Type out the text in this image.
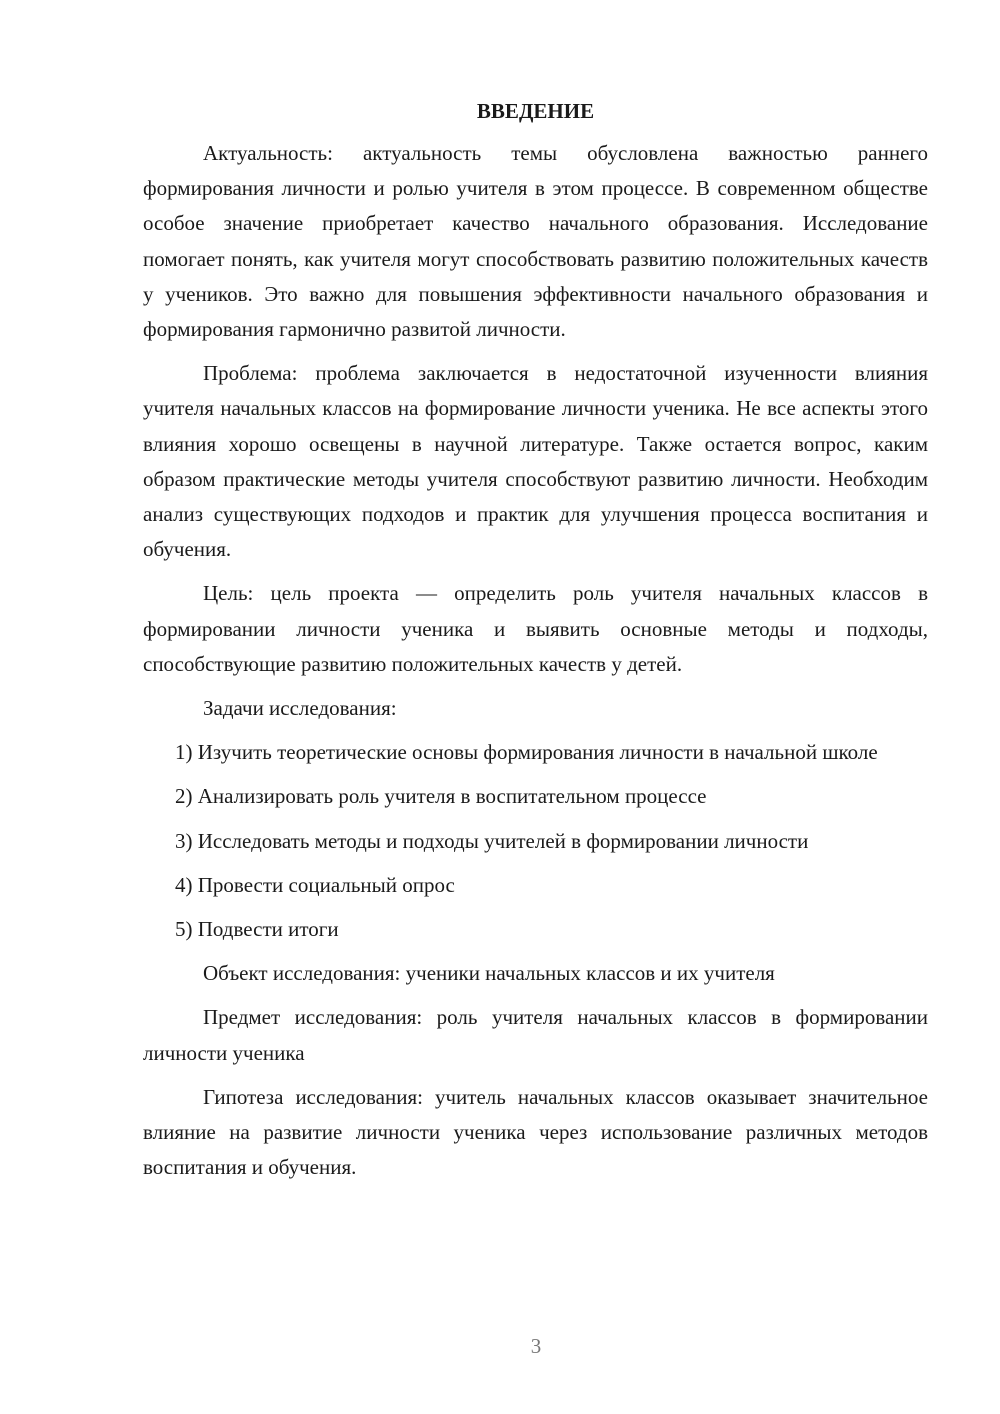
ВВЕДЕНИЕ

Актуальность: актуальность темы обусловлена важностью раннего формирования личности и ролью учителя в этом процессе. В современном обществе особое значение приобретает качество начального образования. Исследование помогает понять, как учителя могут способствовать развитию положительных качеств у учеников. Это важно для повышения эффективности начального образования и формирования гармонично развитой личности.

Проблема: проблема заключается в недостаточной изученности влияния учителя начальных классов на формирование личности ученика. Не все аспекты этого влияния хорошо освещены в научной литературе. Также остается вопрос, каким образом практические методы учителя способствуют развитию личности. Необходим анализ существующих подходов и практик для улучшения процесса воспитания и обучения.

Цель: цель проекта — определить роль учителя начальных классов в формировании личности ученика и выявить основные методы и подходы, способствующие развитию положительных качеств у детей.

Задачи исследования:

1) Изучить теоретические основы формирования личности в начальной школе

2) Анализировать роль учителя в воспитательном процессе

3) Исследовать методы и подходы учителей в формировании личности

4) Провести социальный опрос

5) Подвести итоги

Объект исследования: ученики начальных классов и их учителя

Предмет исследования: роль учителя начальных классов в формировании личности ученика

Гипотеза исследования: учитель начальных классов оказывает значительное влияние на развитие личности ученика через использование различных методов воспитания и обучения.

3
